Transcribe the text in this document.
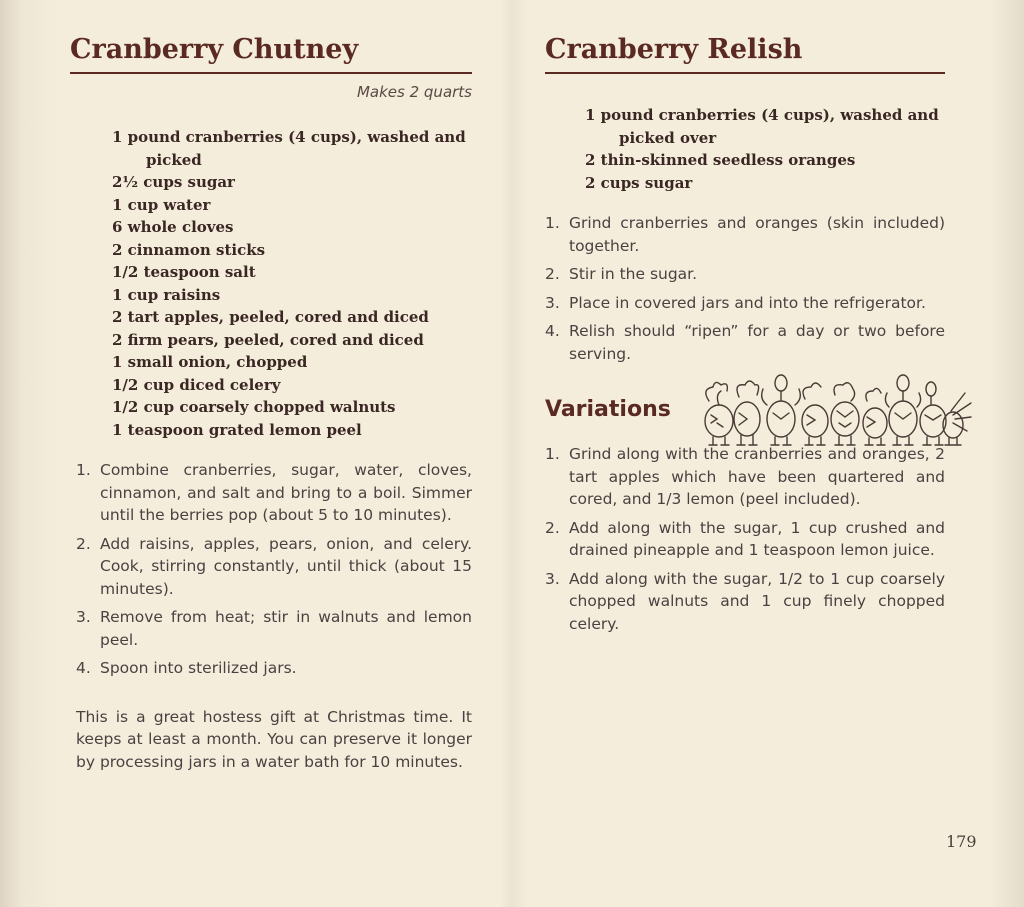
Cranberry Chutney
Makes 2 quarts
1 pound cranberries (4 cups), washed and picked
2½ cups sugar
1 cup water
6 whole cloves
2 cinnamon sticks
1/2 teaspoon salt
1 cup raisins
2 tart apples, peeled, cored and diced
2 firm pears, peeled, cored and diced
1 small onion, chopped
1/2 cup diced celery
1/2 cup coarsely chopped walnuts
1 teaspoon grated lemon peel
1. Combine cranberries, sugar, water, cloves, cinnamon, and salt and bring to a boil. Simmer until the berries pop (about 5 to 10 minutes).
2. Add raisins, apples, pears, onion, and celery. Cook, stirring constantly, until thick (about 15 minutes).
3. Remove from heat; stir in walnuts and lemon peel.
4. Spoon into sterilized jars.

This is a great hostess gift at Christmas time. It keeps at least a month. You can preserve it longer by processing jars in a water bath for 10 minutes.

Cranberry Relish
1 pound cranberries (4 cups), washed and picked over
2 thin-skinned seedless oranges
2 cups sugar
1. Grind cranberries and oranges (skin included) together.
2. Stir in the sugar.
3. Place in covered jars and into the refrigerator.
4. Relish should “ripen” for a day or two before serving.
Variations
1. Grind along with the cranberries and oranges, 2 tart apples which have been quartered and cored, and 1/3 lemon (peel included).
2. Add along with the sugar, 1 cup crushed and drained pineapple and 1 teaspoon lemon juice.
3. Add along with the sugar, 1/2 to 1 cup coarsely chopped walnuts and 1 cup finely chopped celery.
179
